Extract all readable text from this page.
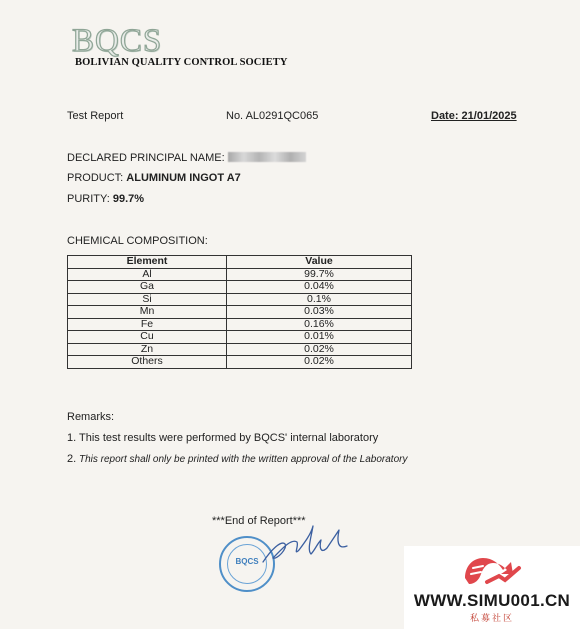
BQCS
BOLIVIAN QUALITY CONTROL SOCIETY
Test Report	No. AL0291QC065	Date: 21/01/2025
DECLARED PRINCIPAL NAME:
PRODUCT: ALUMINUM INGOT A7
PURITY: 99.7%
CHEMICAL COMPOSITION:
Element	Value
Al	99.7%
Ga	0.04%
Si	0.1%
Mn	0.03%
Fe	0.16%
Cu	0.01%
Zn	0.02%
Others	0.02%
Remarks:
1. This test results were performed by BQCS' internal laboratory
2. This report shall only be printed with the written approval of the Laboratory
***End of Report***
BQCS
WWW.SIMU001.CN
私募社区
